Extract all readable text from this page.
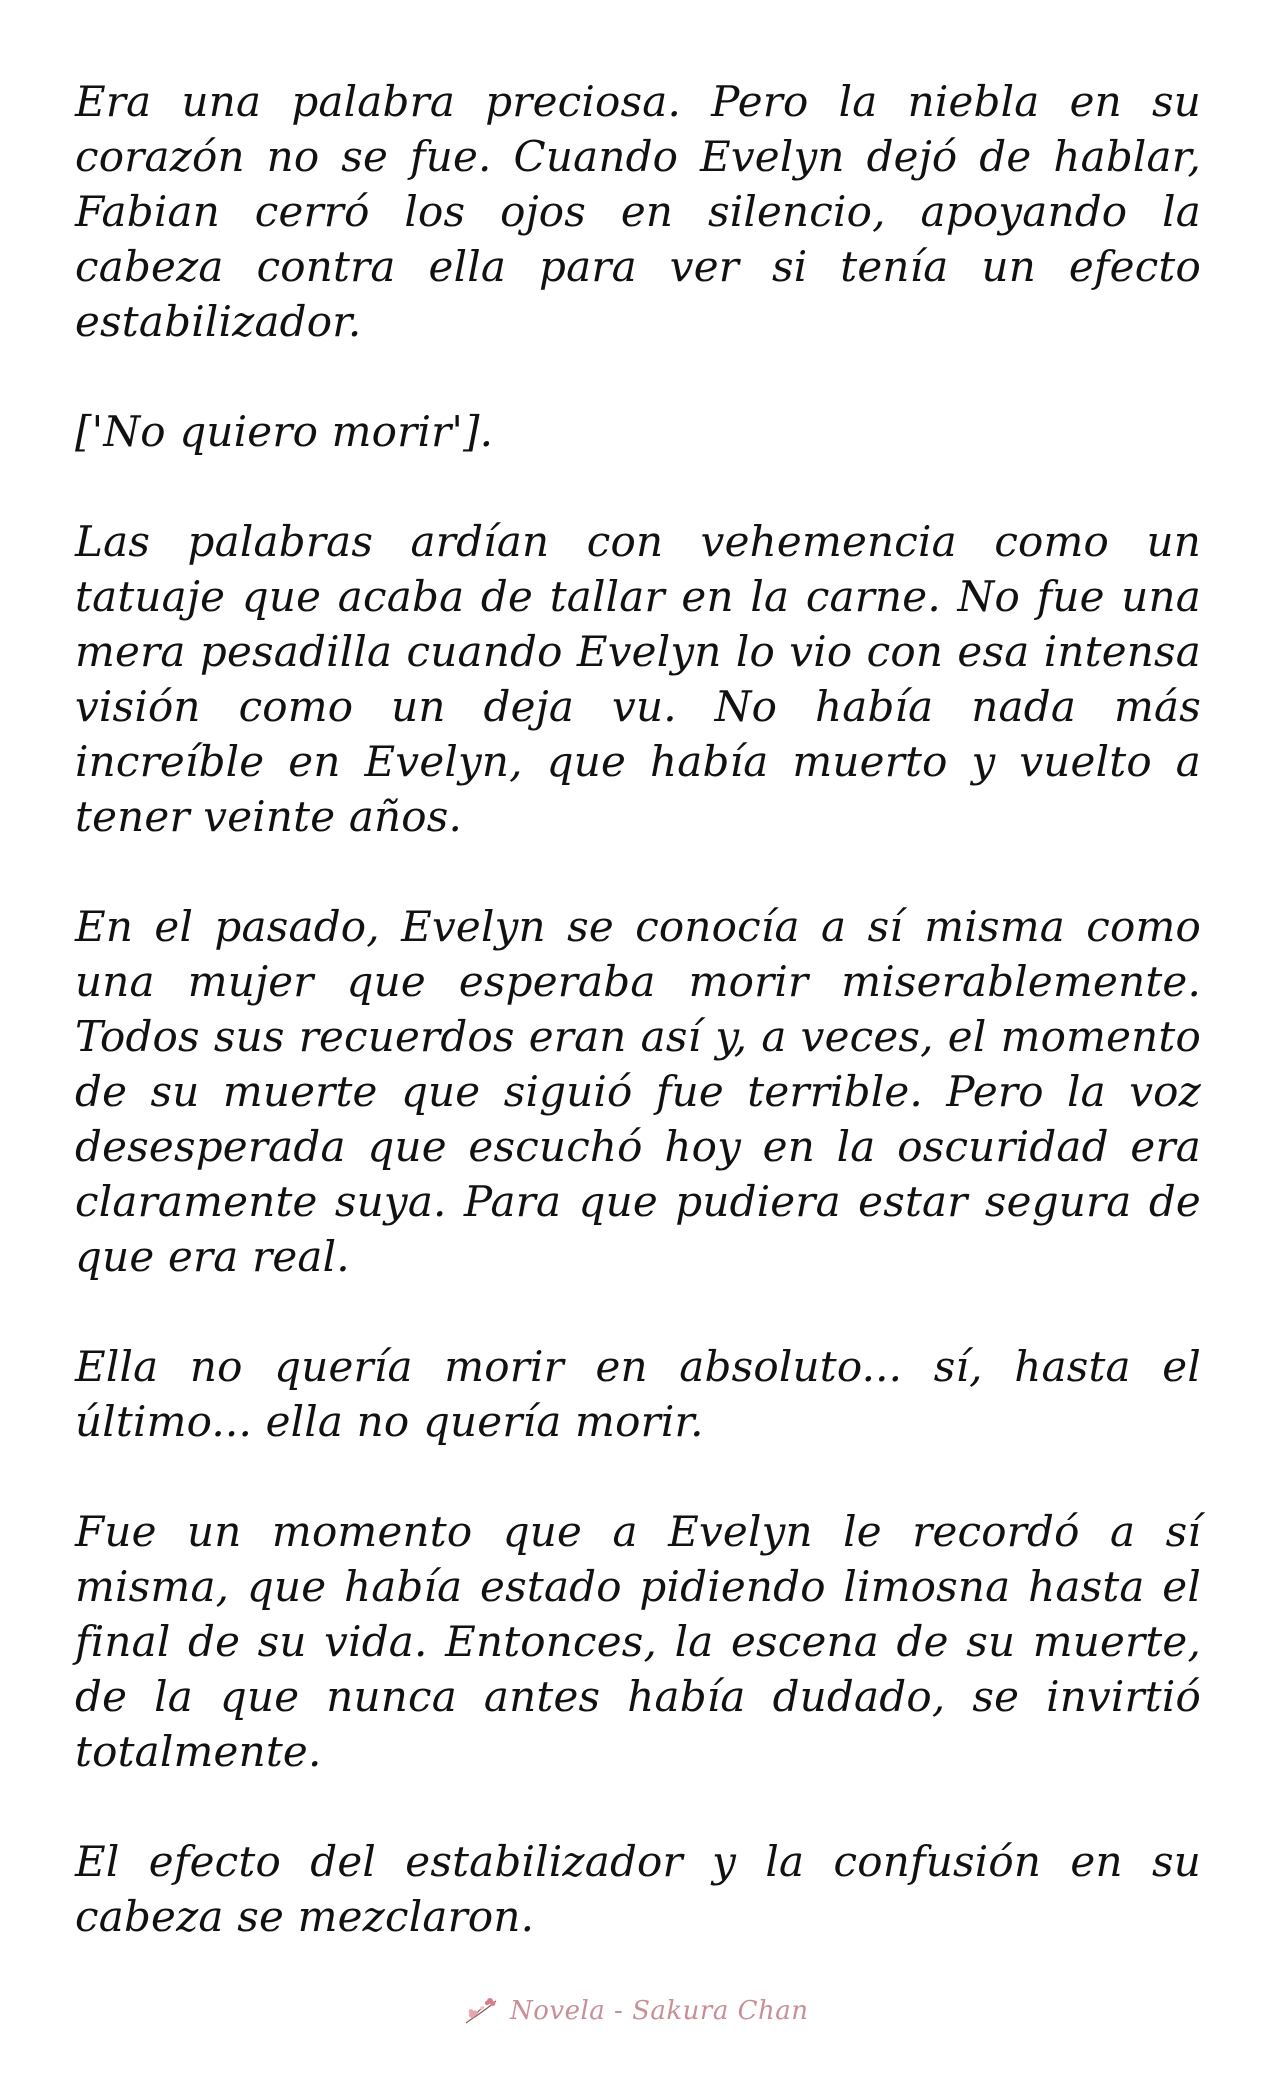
Era una palabra preciosa. Pero la niebla en su corazón no se fue. Cuando Evelyn dejó de hablar, Fabian cerró los ojos en silencio, apoyando la cabeza contra ella para ver si tenía un efecto estabilizador.

['No quiero morir'].

Las palabras ardían con vehemencia como un tatuaje que acaba de tallar en la carne. No fue una mera pesadilla cuando Evelyn lo vio con esa intensa visión como un deja vu. No había nada más increíble en Evelyn, que había muerto y vuelto a tener veinte años.

En el pasado, Evelyn se conocía a sí misma como una mujer que esperaba morir miserablemente. Todos sus recuerdos eran así y, a veces, el momento de su muerte que siguió fue terrible. Pero la voz desesperada que escuchó hoy en la oscuridad era claramente suya. Para que pudiera estar segura de que era real.

Ella no quería morir en absoluto... sí, hasta el último... ella no quería morir.

Fue un momento que a Evelyn le recordó a sí misma, que había estado pidiendo limosna hasta el final de su vida. Entonces, la escena de su muerte, de la que nunca antes había dudado, se invirtió totalmente.

El efecto del estabilizador y la confusión en su cabeza se mezclaron.

Novela - Sakura Chan
